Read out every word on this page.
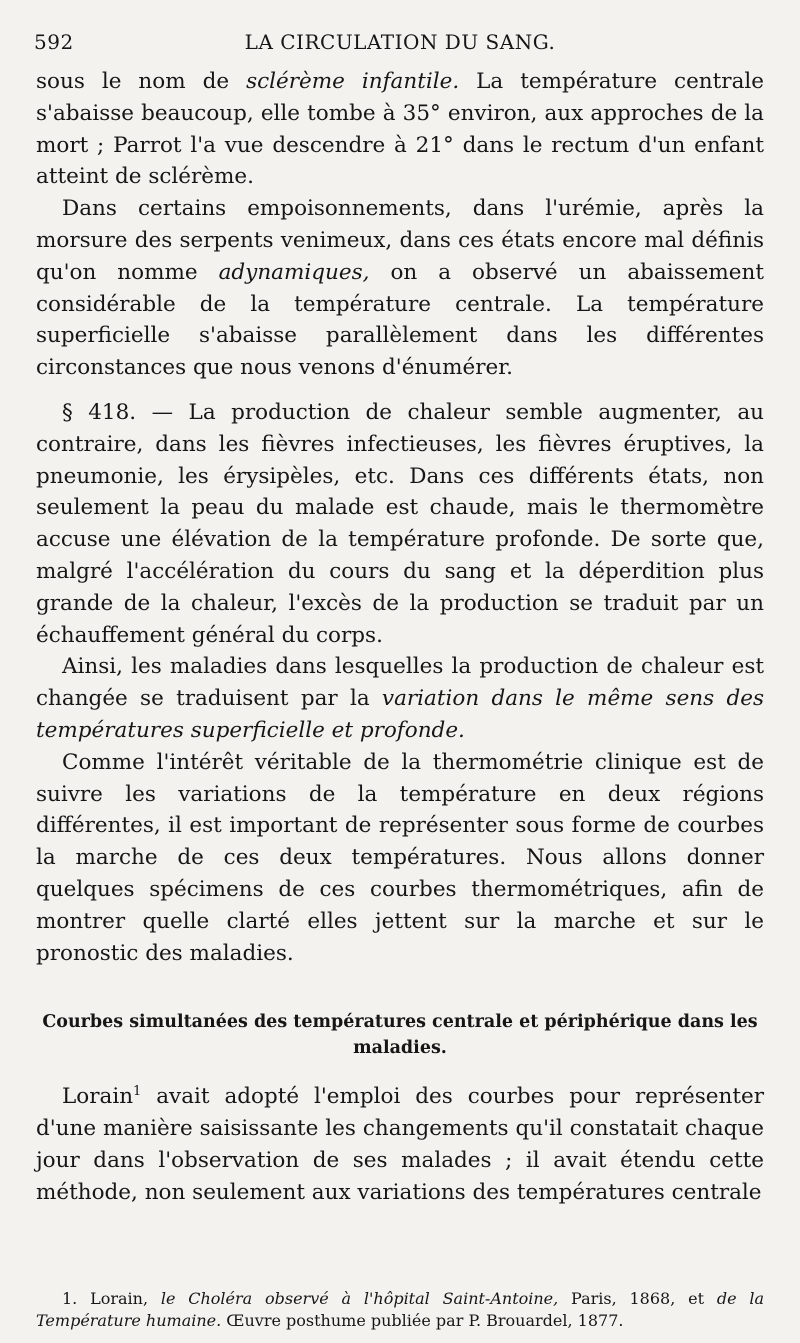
592	LA CIRCULATION DU SANG.

sous le nom de sclérème infantile. La température centrale s'abaisse beaucoup, elle tombe à 35° environ, aux approches de la mort ; Parrot l'a vue descendre à 21° dans le rectum d'un enfant atteint de sclérème.

Dans certains empoisonnements, dans l'urémie, après la morsure des serpents venimeux, dans ces états encore mal définis qu'on nomme adynamiques, on a observé un abaissement considérable de la température centrale. La température superficielle s'abaisse parallèlement dans les différentes circonstances que nous venons d'énumérer.

§ 418. — La production de chaleur semble augmenter, au contraire, dans les fièvres infectieuses, les fièvres éruptives, la pneumonie, les érysipèles, etc. Dans ces différents états, non seulement la peau du malade est chaude, mais le thermomètre accuse une élévation de la température profonde. De sorte que, malgré l'accélération du cours du sang et la déperdition plus grande de la chaleur, l'excès de la production se traduit par un échauffement général du corps.

Ainsi, les maladies dans lesquelles la production de chaleur est changée se traduisent par la variation dans le même sens des températures superficielle et profonde.

Comme l'intérêt véritable de la thermométrie clinique est de suivre les variations de la température en deux régions différentes, il est important de représenter sous forme de courbes la marche de ces deux températures. Nous allons donner quelques spécimens de ces courbes thermométriques, afin de montrer quelle clarté elles jettent sur la marche et sur le pronostic des maladies.

Courbes simultanées des températures centrale et périphérique dans les maladies.

Lorain$^1$ avait adopté l'emploi des courbes pour représenter d'une manière saisissante les changements qu'il constatait chaque jour dans l'observation de ses malades ; il avait étendu cette méthode, non seulement aux variations des températures centrale

1. Lorain, le Choléra observé à l'hôpital Saint-Antoine, Paris, 1868, et de la Température humaine. Œuvre posthume publiée par P. Brouardel, 1877.
